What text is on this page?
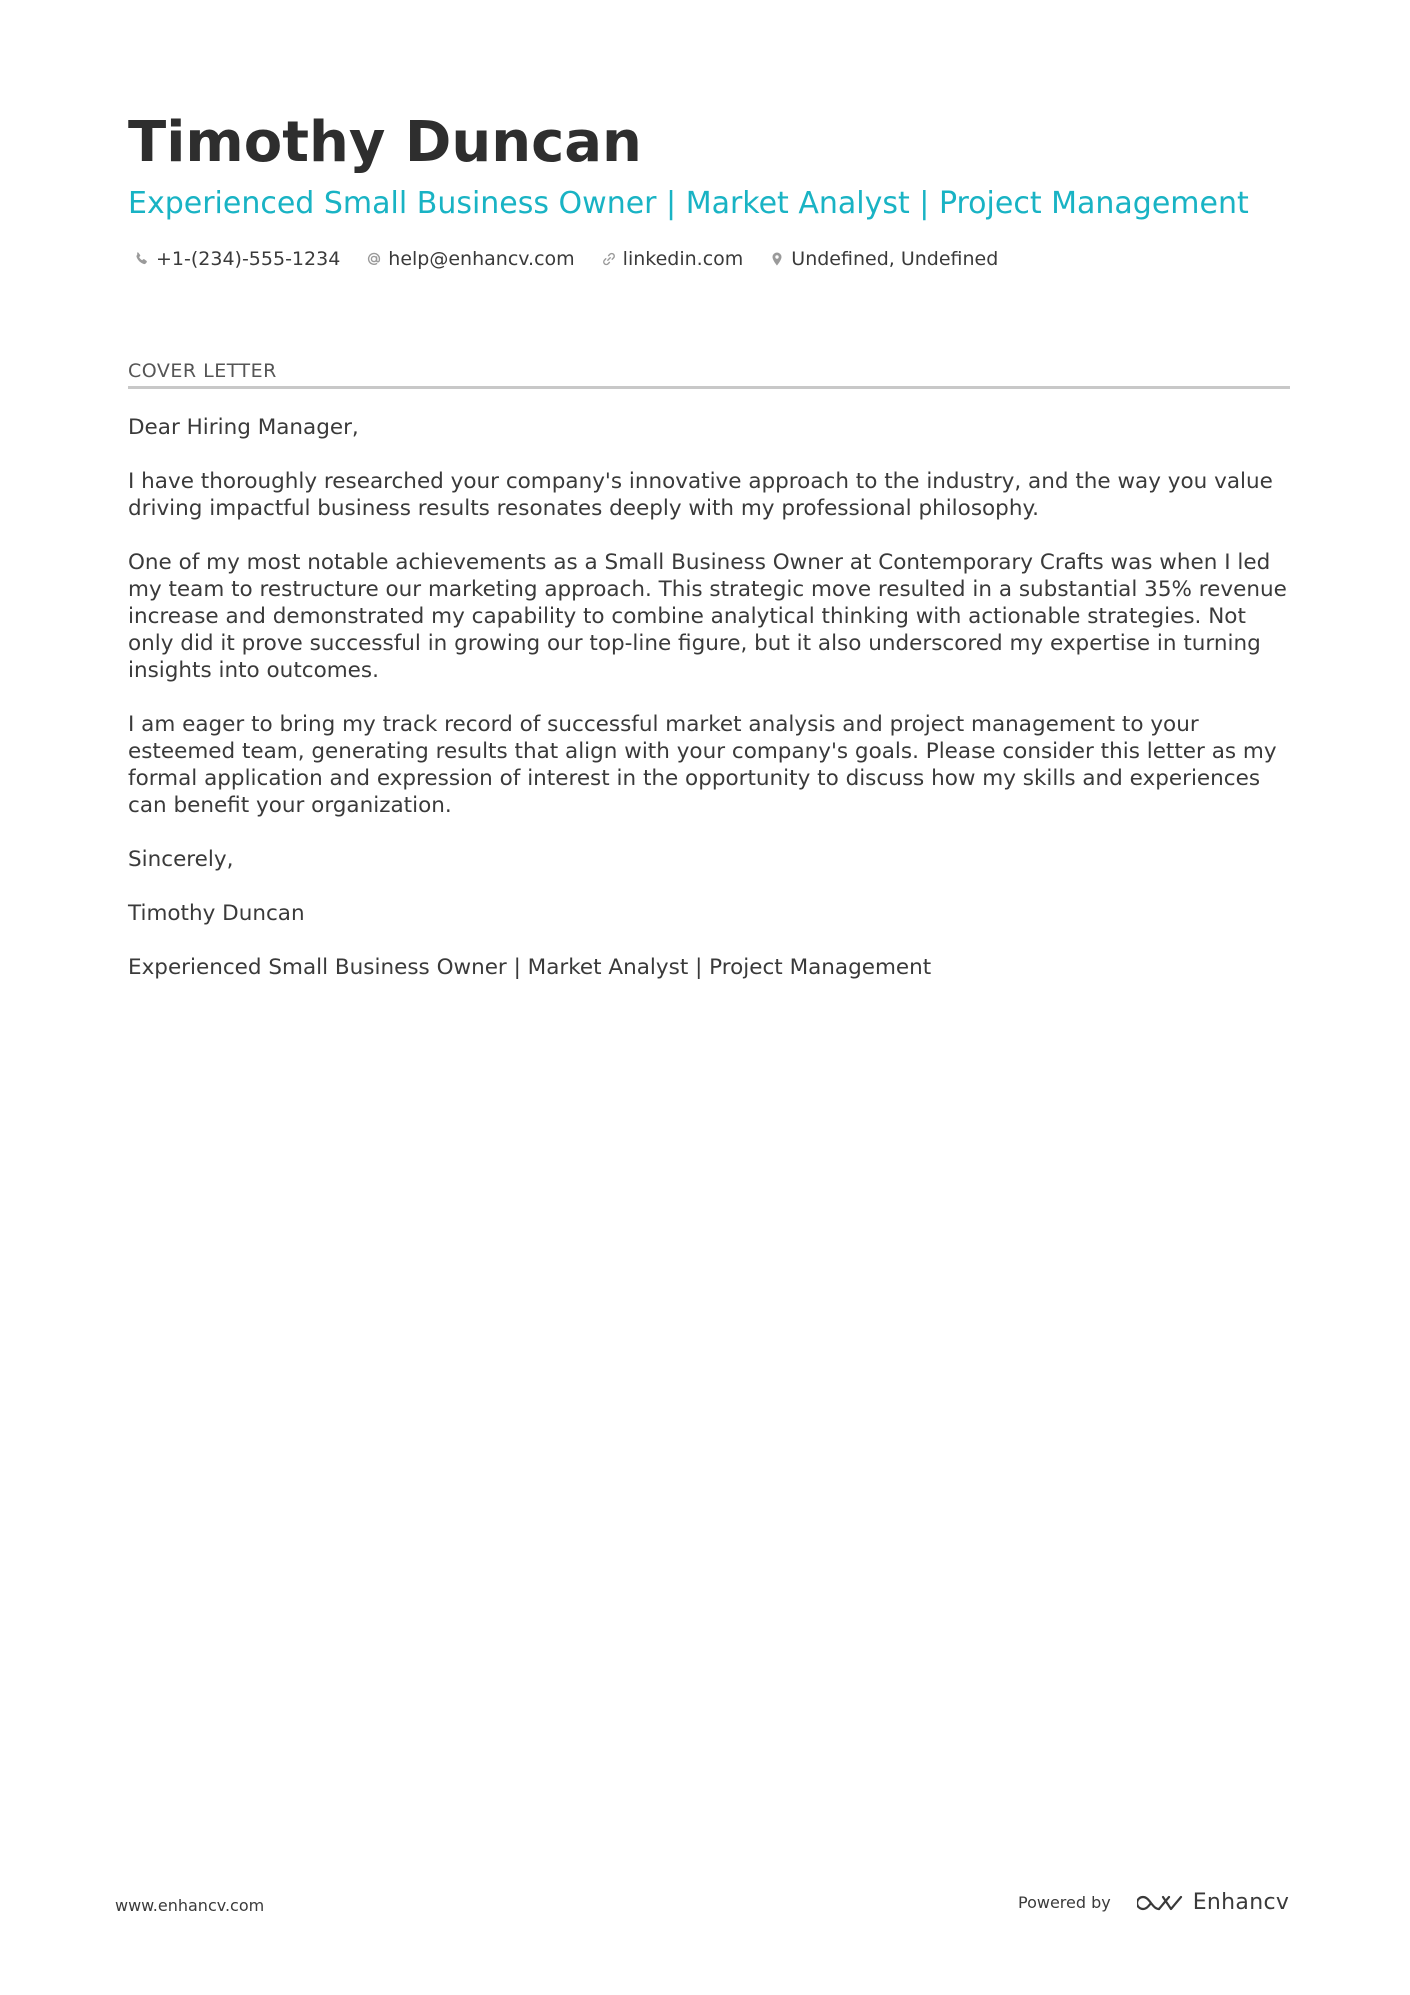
Timothy Duncan
Experienced Small Business Owner | Market Analyst | Project Management
+1-(234)-555-1234	help@enhancv.com	linkedin.com	Undefined, Undefined
COVER LETTER

Dear Hiring Manager,

I have thoroughly researched your company's innovative approach to the industry, and the way you value driving impactful business results resonates deeply with my professional philosophy.

One of my most notable achievements as a Small Business Owner at Contemporary Crafts was when I led my team to restructure our marketing approach. This strategic move resulted in a substantial 35% revenue increase and demonstrated my capability to combine analytical thinking with actionable strategies. Not only did it prove successful in growing our top-line figure, but it also underscored my expertise in turning insights into outcomes.

I am eager to bring my track record of successful market analysis and project management to your esteemed team, generating results that align with your company's goals. Please consider this letter as my formal application and expression of interest in the opportunity to discuss how my skills and experiences can benefit your organization.

Sincerely,

Timothy Duncan

Experienced Small Business Owner | Market Analyst | Project Management

www.enhancv.com	Powered by	Enhancv
